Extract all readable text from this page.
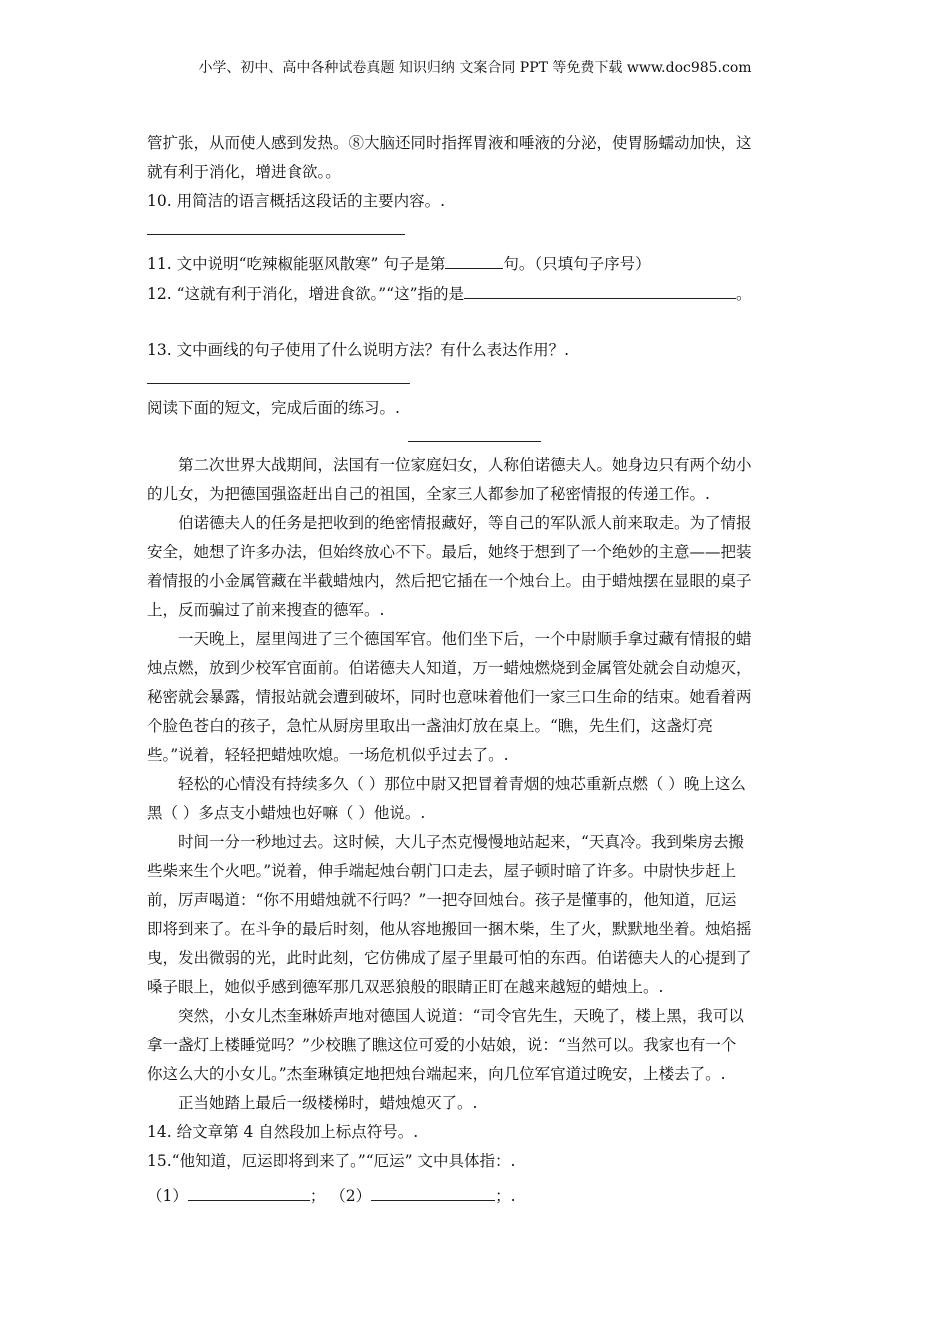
小学、初中、高中各种试卷真题 知识归纳 文案合同 PPT 等免费下载 www.doc985.com
管扩张，从而使人感到发热。⑧大脑还同时指挥胃液和唾液的分泌，使胃肠蠕动加快，这
就有利于消化，增进食欲。。
10. 用简洁的语言概括这段话的主要内容。.
11. 文中说明“吃辣椒能驱风散寒” 句子是第	句。（只填句子序号）
12. “这就有利于消化，增进食欲。”“这”指的是	。
13. 文中画线的句子使用了什么说明方法？有什么表达作用？.
阅读下面的短文，完成后面的练习。.
第二次世界大战期间，法国有一位家庭妇女，人称伯诺德夫人。她身边只有两个幼小
的儿女，为把德国强盗赶出自己的祖国，全家三人都参加了秘密情报的传递工作。.
伯诺德夫人的任务是把收到的绝密情报藏好，等自己的军队派人前来取走。为了情报
安全，她想了许多办法，但始终放心不下。最后，她终于想到了一个绝妙的主意——把装
着情报的小金属管藏在半截蜡烛内，然后把它插在一个烛台上。由于蜡烛摆在显眼的桌子
上，反而骗过了前来搜查的德军。.
一天晚上，屋里闯进了三个德国军官。他们坐下后，一个中尉顺手拿过藏有情报的蜡
烛点燃，放到少校军官面前。伯诺德夫人知道，万一蜡烛燃烧到金属管处就会自动熄灭，
秘密就会暴露，情报站就会遭到破坏，同时也意味着他们一家三口生命的结束。她看着两
个脸色苍白的孩子，急忙从厨房里取出一盏油灯放在桌上。“瞧，先生们，这盏灯亮
些。”说着，轻轻把蜡烛吹熄。一场危机似乎过去了。.
轻松的心情没有持续多久（ ）那位中尉又把冒着青烟的烛芯重新点燃（ ）晚上这么
黑（ ）多点支小蜡烛也好嘛（ ）他说。.
时间一分一秒地过去。这时候，大儿子杰克慢慢地站起来，“天真冷。我到柴房去搬
些柴来生个火吧。”说着，伸手端起烛台朝门口走去，屋子顿时暗了许多。中尉快步赶上
前，厉声喝道：“你不用蜡烛就不行吗？”一把夺回烛台。孩子是懂事的，他知道，厄运
即将到来了。在斗争的最后时刻，他从容地搬回一捆木柴，生了火，默默地坐着。烛焰摇
曳，发出微弱的光，此时此刻，它仿佛成了屋子里最可怕的东西。伯诺德夫人的心提到了
嗓子眼上，她似乎感到德军那几双恶狼般的眼睛正盯在越来越短的蜡烛上。.
突然，小女儿杰奎琳娇声地对德国人说道：“司令官先生，天晚了，楼上黑，我可以
拿一盏灯上楼睡觉吗？”少校瞧了瞧这位可爱的小姑娘，说：“当然可以。我家也有一个
你这么大的小女儿。”杰奎琳镇定地把烛台端起来，向几位军官道过晚安，上楼去了。.
正当她踏上最后一级楼梯时，蜡烛熄灭了。.
14. 给文章第 4 自然段加上标点符号。.
15.“他知道，厄运即将到来了。”“厄运” 文中具体指：.
（1）	； （2）	；.
